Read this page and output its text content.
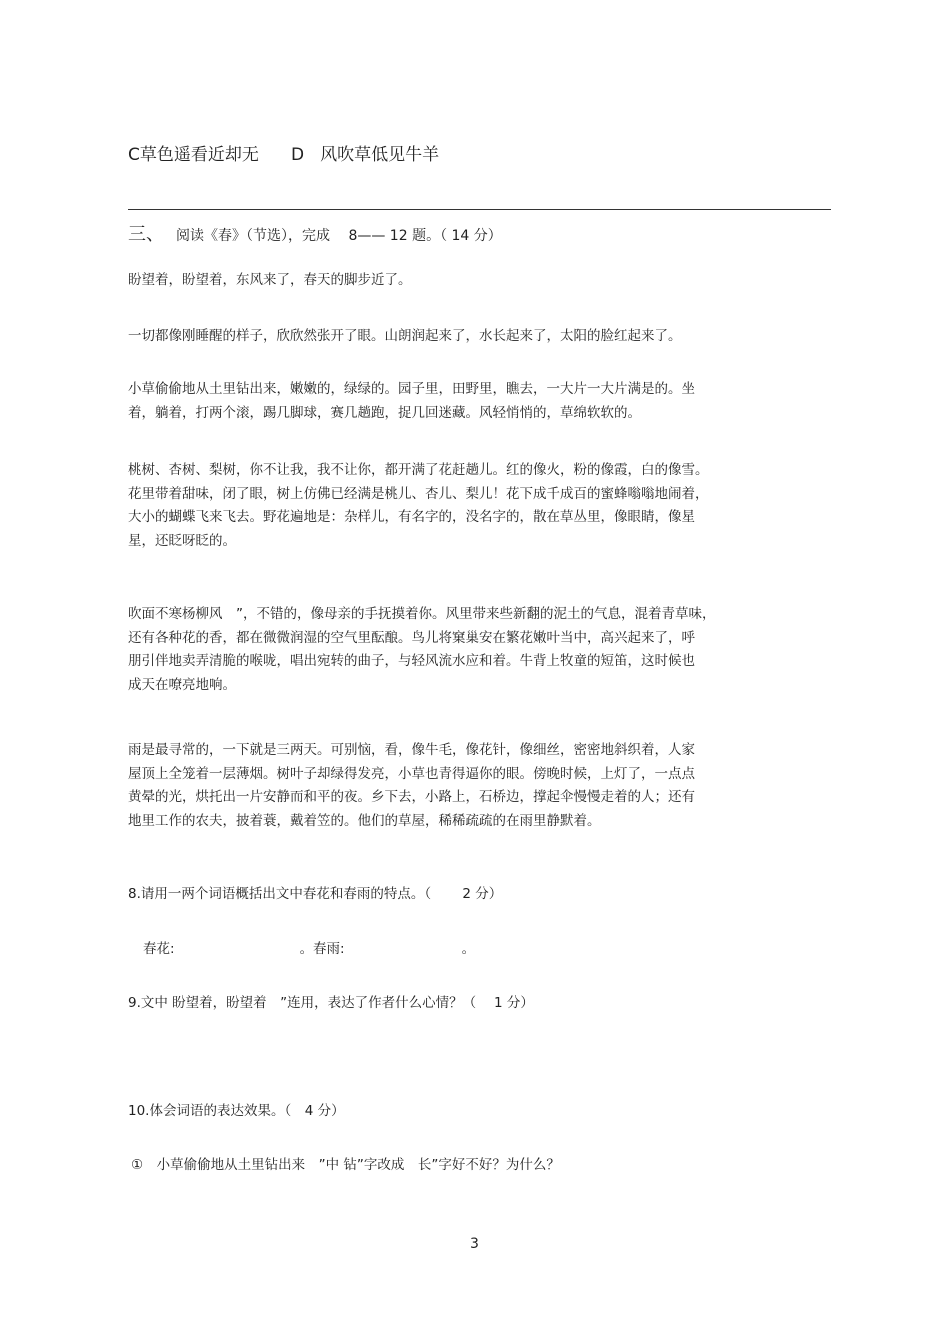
C草色遥看近却无 D 风吹草低见牛羊
三、 阅读《春》（节选），完成　 8—— 12 题。（ 14 分）
盼望着，盼望着，东风来了，春天的脚步近了。
一切都像刚睡醒的样子，欣欣然张开了眼。山朗润起来了，水长起来了，太阳的脸红起来了。
小草偷偷地从土里钻出来，嫩嫩的，绿绿的。园子里，田野里，瞧去，一大片一大片满是的。坐
着，躺着，打两个滚，踢几脚球，赛几趟跑，捉几回迷藏。风轻悄悄的，草绵软软的。
桃树、杏树、梨树，你不让我，我不让你，都开满了花赶趟儿。红的像火，粉的像霞，白的像雪。
花里带着甜味，闭了眼，树上仿佛已经满是桃儿、杏儿、梨儿！花下成千成百的蜜蜂嗡嗡地闹着，
大小的蝴蝶飞来飞去。野花遍地是：杂样儿，有名字的，没名字的，散在草丛里，像眼睛，像星
星，还眨呀眨的。
吹面不寒杨柳风　”，不错的，像母亲的手抚摸着你。风里带来些新翻的泥土的气息，混着青草味，
还有各种花的香，都在微微润湿的空气里酝酿。鸟儿将窠巢安在繁花嫩叶当中，高兴起来了，呼
朋引伴地卖弄清脆的喉咙，唱出宛转的曲子，与轻风流水应和着。牛背上牧童的短笛，这时候也
成天在嘹亮地响。
雨是最寻常的，一下就是三两天。可别恼，看，像牛毛，像花针，像细丝，密密地斜织着，人家
屋顶上全笼着一层薄烟。树叶子却绿得发亮，小草也青得逼你的眼。傍晚时候，上灯了，一点点
黄晕的光，烘托出一片安静而和平的夜。乡下去，小路上，石桥边，撑起伞慢慢走着的人；还有
地里工作的农夫，披着蓑，戴着笠的。他们的草屋，稀稀疏疏的在雨里静默着。
8.请用一两个词语概括出文中春花和春雨的特点。（　　 2 分）
春花:	。春雨:	。
9.文中 盼望着，盼望着　”连用，表达了作者什么心情？（　 1 分）
10.体会词语的表达效果。（　4 分）
①　小草偷偷地从土里钻出来　”中 钻”字改成　长”字好不好？为什么？
3
